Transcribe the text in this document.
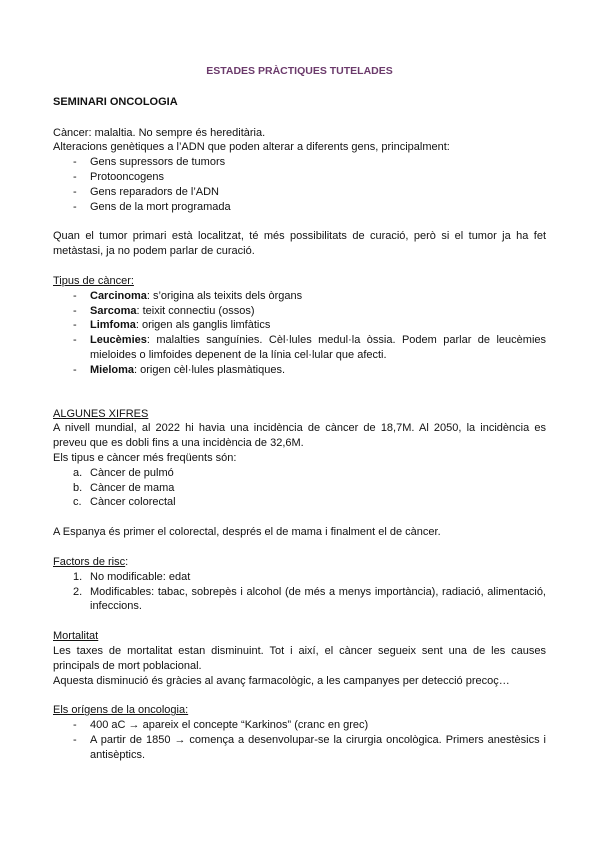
ESTADES PRÀCTIQUES TUTELADES

SEMINARI ONCOLOGIA

Càncer: malaltia. No sempre és hereditària.

Alteracions genètiques a l’ADN que poden alterar a diferents gens, principalment:

- Gens supressors de tumors
- Protooncogens
- Gens reparadors de l’ADN
- Gens de la mort programada

Quan el tumor primari està localitzat, té més possibilitats de curació, però si el tumor ja ha fet metàstasi, ja no podem parlar de curació.

Tipus de càncer:

- Carcinoma: s’origina als teixits dels òrgans
- Sarcoma: teixit connectiu (ossos)
- Limfoma: origen als ganglis limfàtics
- Leucèmies: malalties sanguínies. Cèl·lules medul·la òssia. Podem parlar de leucèmies mieloides o limfoides depenent de la línia cel·lular que afecti.
- Mieloma: origen cèl·lules plasmàtiques.

ALGUNES XIFRES

A nivell mundial, al 2022 hi havia una incidència de càncer de 18,7M. Al 2050, la incidència es preveu que es dobli fins a una incidència de 32,6M.

Els tipus e càncer més freqüents són:

a. Càncer de pulmó
b. Càncer de mama
c. Càncer colorectal

A Espanya és primer el colorectal, després el de mama i finalment el de càncer.

Factors de risc:

1. No modificable: edat
2. Modificables: tabac, sobrepès i alcohol (de més a menys importància), radiació, alimentació, infeccions.

Mortalitat

Les taxes de mortalitat estan disminuint. Tot i així, el càncer segueix sent una de les causes principals de mort poblacional.

Aquesta disminució és gràcies al avanç farmacològic, a les campanyes per detecció precoç…

Els orígens de la oncologia:

- 400 aC → apareix el concepte “Karkinos” (cranc en grec)
- A partir de 1850 → comença a desenvolupar-se la cirurgia oncològica. Primers anestèsics i antisèptics.
